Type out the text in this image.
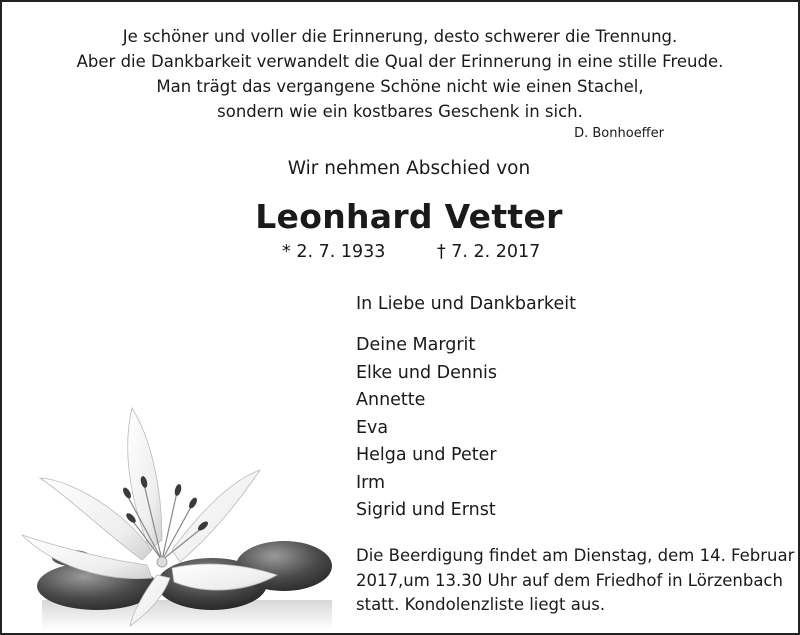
Je schöner und voller die Erinnerung, desto schwerer die Trennung.
Aber die Dankbarkeit verwandelt die Qual der Erinnerung in eine stille Freude.
Man trägt das vergangene Schöne nicht wie einen Stachel,
sondern wie ein kostbares Geschenk in sich.
D. Bonhoeffer
Wir nehmen Abschied von
Leonhard Vetter
* 2. 7. 1933	† 7. 2. 2017
In Liebe und Dankbarkeit
Deine Margrit
Elke und Dennis
Annette
Eva
Helga und Peter
Irm
Sigrid und Ernst
Die Beerdigung findet am Dienstag, dem 14. Februar
2017,um 13.30 Uhr auf dem Friedhof in Lörzenbach
statt. Kondolenzliste liegt aus.
